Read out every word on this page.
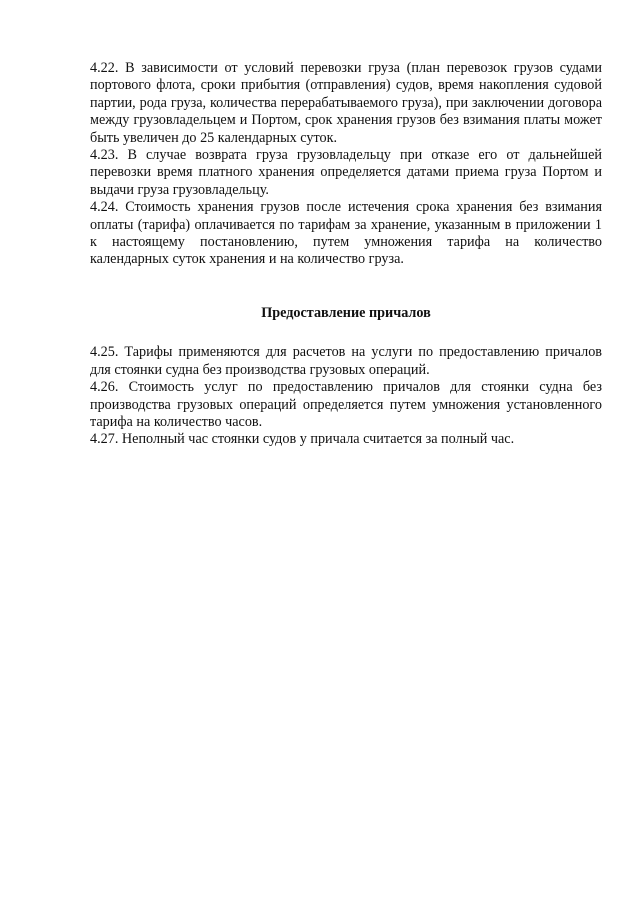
4.22. В зависимости от условий перевозки груза (план перевозок грузов судами портового флота, сроки прибытия (отправления) судов, время накопления судовой партии, рода груза, количества перерабатываемого груза), при заключении договора между грузовладельцем и Портом, срок хранения грузов без взимания платы может быть увеличен до 25 календарных суток.

4.23. В случае возврата груза грузовладельцу при отказе его от дальнейшей перевозки время платного хранения определяется датами приема груза Портом и выдачи груза грузовладельцу.

4.24. Стоимость хранения грузов после истечения срока хранения без взимания оплаты (тарифа) оплачивается по тарифам за хранение, указанным в приложении 1 к настоящему постановлению, путем умножения тарифа на количество календарных суток хранения и на количество груза.

Предоставление причалов

4.25. Тарифы применяются для расчетов на услуги по предоставлению причалов для стоянки судна без производства грузовых операций.

4.26. Стоимость услуг по предоставлению причалов для стоянки судна без производства грузовых операций определяется путем умножения установленного тарифа на количество часов.

4.27. Неполный час стоянки судов у причала считается за полный час.
